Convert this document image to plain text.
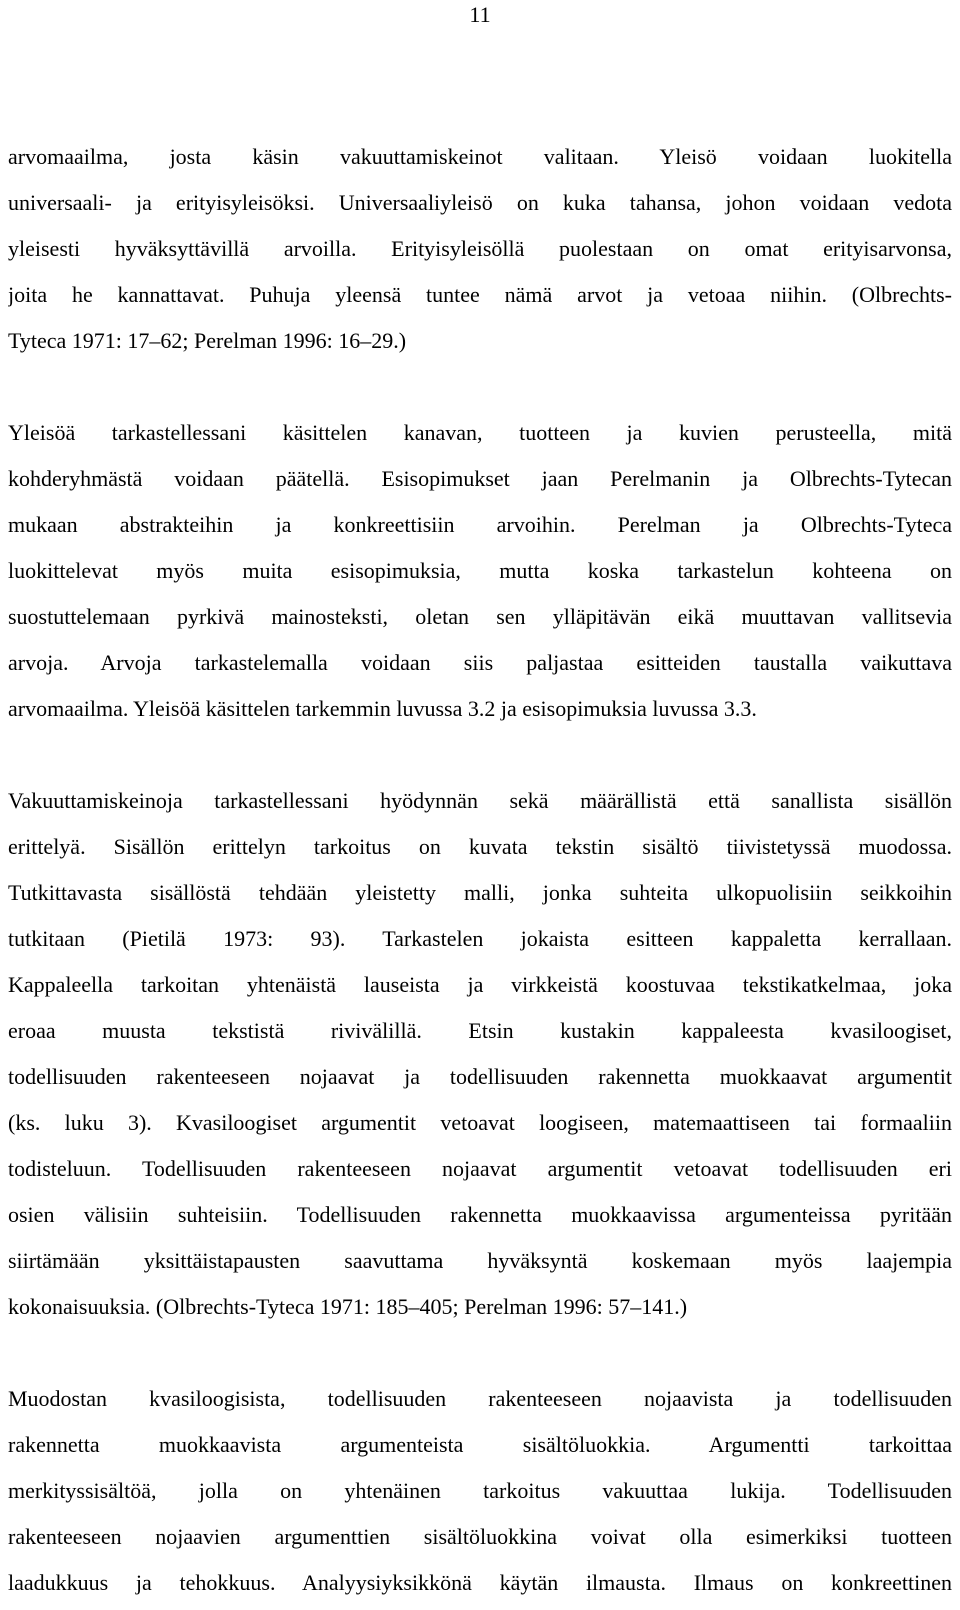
11
arvomaailma, josta käsin vakuuttamiskeinot valitaan. Yleisö voidaan luokitella
universaali- ja erityisyleisöksi. Universaaliyleisö on kuka tahansa, johon voidaan vedota
yleisesti hyväksyttävillä arvoilla. Erityisyleisöllä puolestaan on omat erityisarvonsa,
joita he kannattavat. Puhuja yleensä tuntee nämä arvot ja vetoaa niihin. (Olbrechts-
Tyteca 1971: 17–62; Perelman 1996: 16–29.)
Yleisöä tarkastellessani käsittelen kanavan, tuotteen ja kuvien perusteella, mitä
kohderyhmästä voidaan päätellä. Esisopimukset jaan Perelmanin ja Olbrechts-Tytecan
mukaan abstrakteihin ja konkreettisiin arvoihin. Perelman ja Olbrechts-Tyteca
luokittelevat myös muita esisopimuksia, mutta koska tarkastelun kohteena on
suostuttelemaan pyrkivä mainosteksti, oletan sen ylläpitävän eikä muuttavan vallitsevia
arvoja. Arvoja tarkastelemalla voidaan siis paljastaa esitteiden taustalla vaikuttava
arvomaailma. Yleisöä käsittelen tarkemmin luvussa 3.2 ja esisopimuksia luvussa 3.3.
Vakuuttamiskeinoja tarkastellessani hyödynnän sekä määrällistä että sanallista sisällön
erittelyä. Sisällön erittelyn tarkoitus on kuvata tekstin sisältö tiivistetyssä muodossa.
Tutkittavasta sisällöstä tehdään yleistetty malli, jonka suhteita ulkopuolisiin seikkoihin
tutkitaan (Pietilä 1973: 93). Tarkastelen jokaista esitteen kappaletta kerrallaan.
Kappaleella tarkoitan yhtenäistä lauseista ja virkkeistä koostuvaa tekstikatkelmaa, joka
eroaa muusta tekstistä rivivälillä. Etsin kustakin kappaleesta kvasiloogiset,
todellisuuden rakenteeseen nojaavat ja todellisuuden rakennetta muokkaavat argumentit
(ks. luku 3). Kvasiloogiset argumentit vetoavat loogiseen, matemaattiseen tai formaaliin
todisteluun. Todellisuuden rakenteeseen nojaavat argumentit vetoavat todellisuuden eri
osien välisiin suhteisiin. Todellisuuden rakennetta muokkaavissa argumenteissa pyritään
siirtämään yksittäistapausten saavuttama hyväksyntä koskemaan myös laajempia
kokonaisuuksia. (Olbrechts-Tyteca 1971: 185–405; Perelman 1996: 57–141.)
Muodostan kvasiloogisista, todellisuuden rakenteeseen nojaavista ja todellisuuden
rakennetta muokkaavista argumenteista sisältöluokkia. Argumentti tarkoittaa
merkityssisältöä, jolla on yhtenäinen tarkoitus vakuuttaa lukija. Todellisuuden
rakenteeseen nojaavien argumenttien sisältöluokkina voivat olla esimerkiksi tuotteen
laadukkuus ja tehokkuus. Analyysiyksikkönä käytän ilmausta. Ilmaus on konkreettinen
